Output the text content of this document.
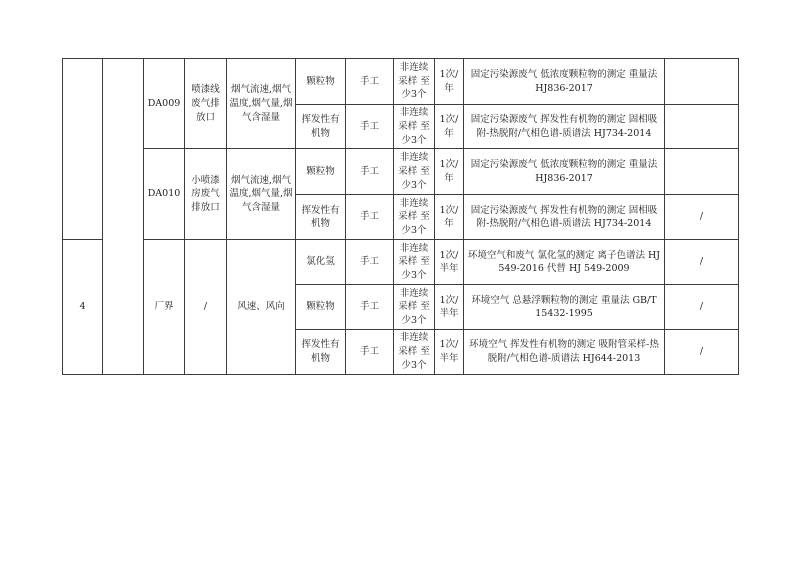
		DA009	喷漆线废气排放口	烟气流速,烟气温度,烟气量,烟气含湿量	颗粒物	手工	非连续采样 至少3个	1次/年	固定污染源废气 低浓度颗粒物的测定 重量法 HJ836-2017	
					挥发性有机物	手工	非连续采样 至少3个	1次/年	固定污染源废气 挥发性有机物的测定 固相吸附-热脱附/气相色谱-质谱法 HJ734-2014	
		DA010	小喷漆房废气排放口	烟气流速,烟气温度,烟气量,烟气含湿量	颗粒物	手工	非连续采样 至少3个	1次/年	固定污染源废气 低浓度颗粒物的测定 重量法 HJ836-2017	
					挥发性有机物	手工	非连续采样 至少3个	1次/年	固定污染源废气 挥发性有机物的测定 固相吸附-热脱附/气相色谱-质谱法 HJ734-2014	/
4		厂界	/	风速、风向	氯化氢	手工	非连续采样 至少3个	1次/半年	环境空气和废气 氯化氢的测定 离子色谱法 HJ 549-2016 代替 HJ 549-2009	/
					颗粒物	手工	非连续采样 至少3个	1次/半年	环境空气 总悬浮颗粒物的测定 重量法 GB/T 15432-1995	/
					挥发性有机物	手工	非连续采样 至少3个	1次/半年	环境空气 挥发性有机物的测定 吸附管采样-热脱附/气相色谱-质谱法 HJ644-2013	/
